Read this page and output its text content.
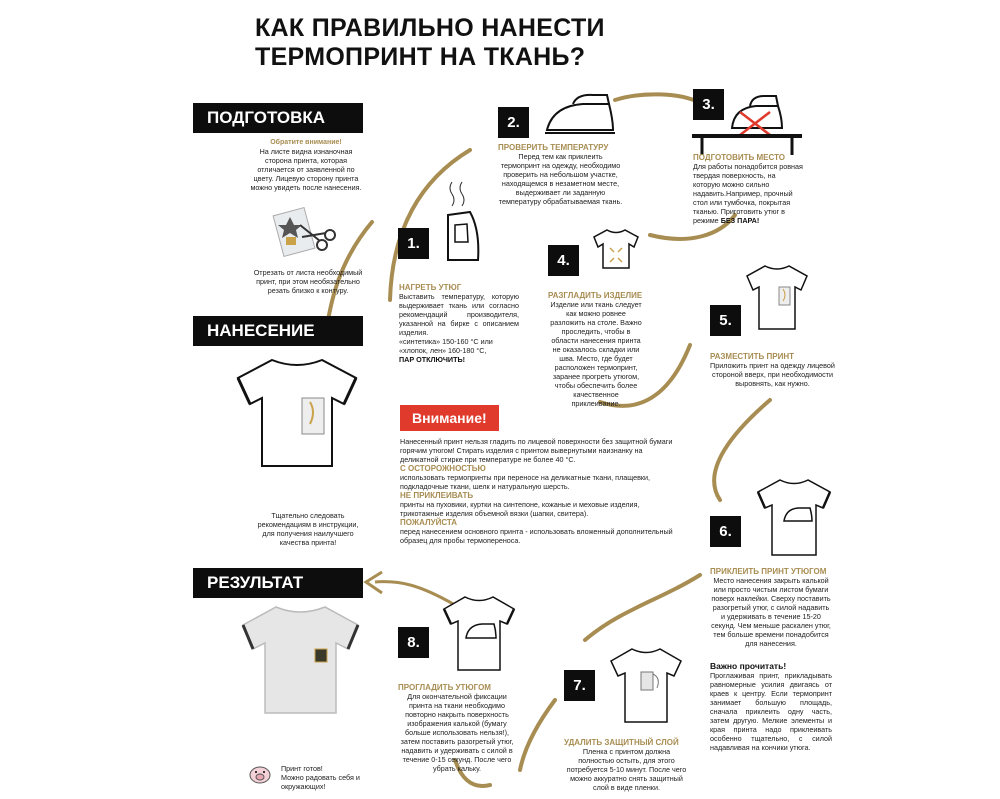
КАК ПРАВИЛЬНО НАНЕСТИ
ТЕРМОПРИНТ НА ТКАНЬ?
ПОДГОТОВКА
Обратите внимание!
На листе видна изнаночная сторона принта, которая отличается от заявленной по цвету. Лицевую сторону принта можно увидеть после нанесения.
Отрезать от листа необходимый принт, при этом необязательно резать близко к контуру.
НАНЕСЕНИЕ
Тщательно следовать рекомендациям в инструкции, для получения наилучшего качества принта!
РЕЗУЛЬТАТ
Принт готов!
Можно радовать себя и окружающих!
1.
НАГРЕТЬ УТЮГ
Выставить температуру, которую выдерживает ткань или согласно рекомендаций производителя, указанной на бирке с описанием изделия.
«синтетика» 150-160 °С или
«хлопок, лен» 160-180 °С,
ПАР ОТКЛЮЧИТЬ!
2.
ПРОВЕРИТЬ ТЕМПЕРАТУРУ
Перед тем как приклеить термопринт на одежду, необходимо проверить на небольшом участке, находящемся в незаметном месте, выдерживает ли заданную температуру обрабатываемая ткань.
3.
ПОДГОТОВИТЬ МЕСТО
Для работы понадобится ровная твердая поверхность, на которую можно сильно надавить.Например, прочный стол или тумбочка, покрытая тканью. Приготовить утюг в режиме БЕЗ ПАРА!
4.
РАЗГЛАДИТЬ ИЗДЕЛИЕ
Изделие или ткань следует как можно ровнее разложить на столе. Важно проследить, чтобы в области нанесения принта не оказалось складки или шва. Место, где будет расположен термопринт, заранее прогреть утюгом, чтобы обеспечить более качественное приклеивание.
5.
РАЗМЕСТИТЬ ПРИНТ
Приложить принт на одежду лицевой стороной вверх, при необходимости выровнять, как нужно.
Внимание!
Нанесенный принт нельзя гладить по лицевой поверхности без защитной бумаги горячим утюгом! Стирать изделия с принтом вывернутыми наизнанку на деликатной стирке при температуре не более 40 °С.
С ОСТОРОЖНОСТЬЮ
использовать термопринты при переносе на деликатные ткани, плащевки, подкладочные ткани, шелк и натуральную шерсть.
НЕ ПРИКЛЕИВАТЬ
принты на пуховики, куртки на синтепоне, кожаные и меховые изделия, трикотажные изделия объемной вязки (шапки, свитера).
ПОЖАЛУЙСТА
перед нанесением основного принта - использовать вложенный дополнительный образец для пробы термопереноса.
6.
ПРИКЛЕИТЬ ПРИНТ УТЮГОМ
Место нанесения закрыть калькой или просто чистым листом бумаги поверх наклейки. Сверху поставить разогретый утюг, с силой надавить и удерживать в течение 15-20 секунд. Чем меньше раскален утюг, тем больше времени понадобится для нанесения.
Важно прочитать!
Проглаживая принт, прикладывать равномерные усилия двигаясь от краев к центру. Если термопринт занимает большую площадь, сначала приклеить одну часть, затем другую. Мелкие элементы и края принта надо приклеивать особенно тщательно, с силой надавливая на кончики утюга.
7.
УДАЛИТЬ ЗАЩИТНЫЙ СЛОЙ
Пленка с принтом должна полностью остыть, для этого потребуется 5-10 минут. После чего можно аккуратно снять защитный слой в виде пленки.
8.
ПРОГЛАДИТЬ УТЮГОМ
Для окончательной фиксации принта на ткани необходимо повторно накрыть поверхность изображения калькой (бумагу больше использовать нельзя!), затем поставить разогретый утюг, надавить и удерживать с силой в течение 0-15 секунд. После чего убрать кальку.
